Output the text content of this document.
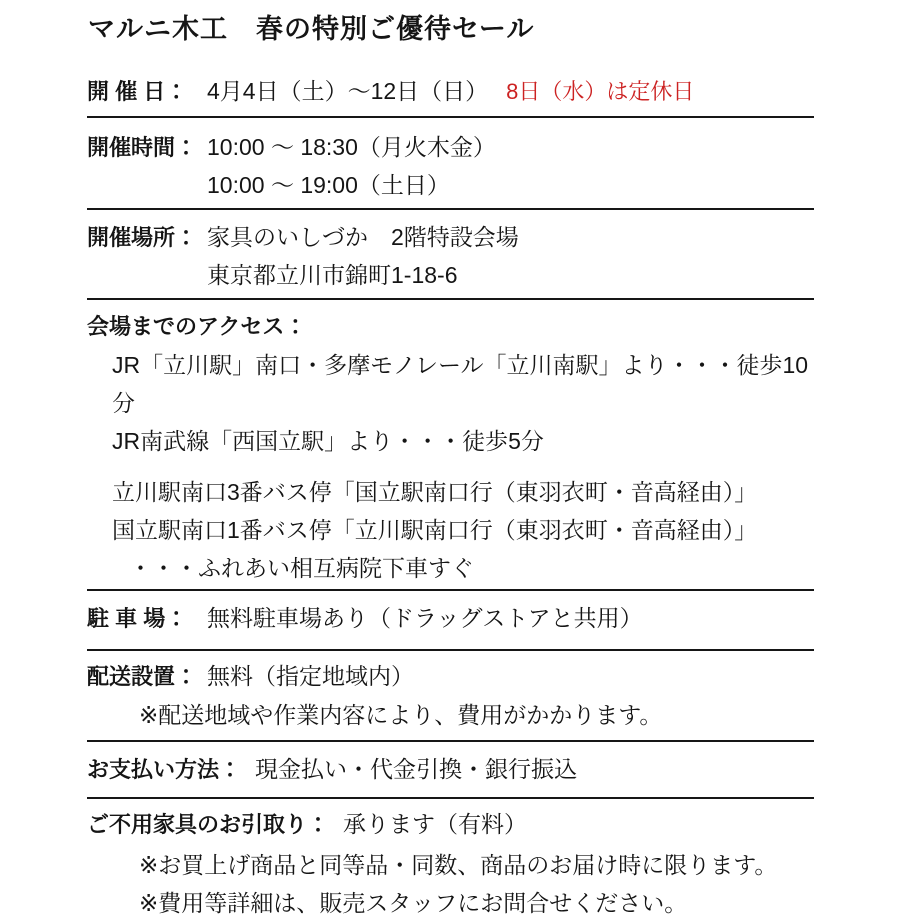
マルニ木工　春の特別ご優待セール
開 催 日： 4月4日（土）～12日（日） 8日（水）は定休日
開催時間： 10:00 ～ 18:30（月火木金）
10:00 ～ 19:00（土日）
開催場所： 家具のいしづか　2階特設会場
東京都立川市錦町1-18-6
会場までのアクセス：
JR「立川駅」南口・多摩モノレール「立川南駅」より・・・徒歩10分
JR南武線「西国立駅」より・・・徒歩5分
立川駅南口3番バス停「国立駅南口行（東羽衣町・音高経由）」
国立駅南口1番バス停「立川駅南口行（東羽衣町・音高経由）」
・・・ふれあい相互病院下車すぐ
駐 車 場： 無料駐車場あり（ドラッグストアと共用）
配送設置： 無料（指定地域内）
※配送地域や作業内容により、費用がかかります。
お支払い方法： 現金払い・代金引換・銀行振込
ご不用家具のお引取り： 承ります（有料）
※お買上げ商品と同等品・同数、商品のお届け時に限ります。
※費用等詳細は、販売スタッフにお問合せください。
